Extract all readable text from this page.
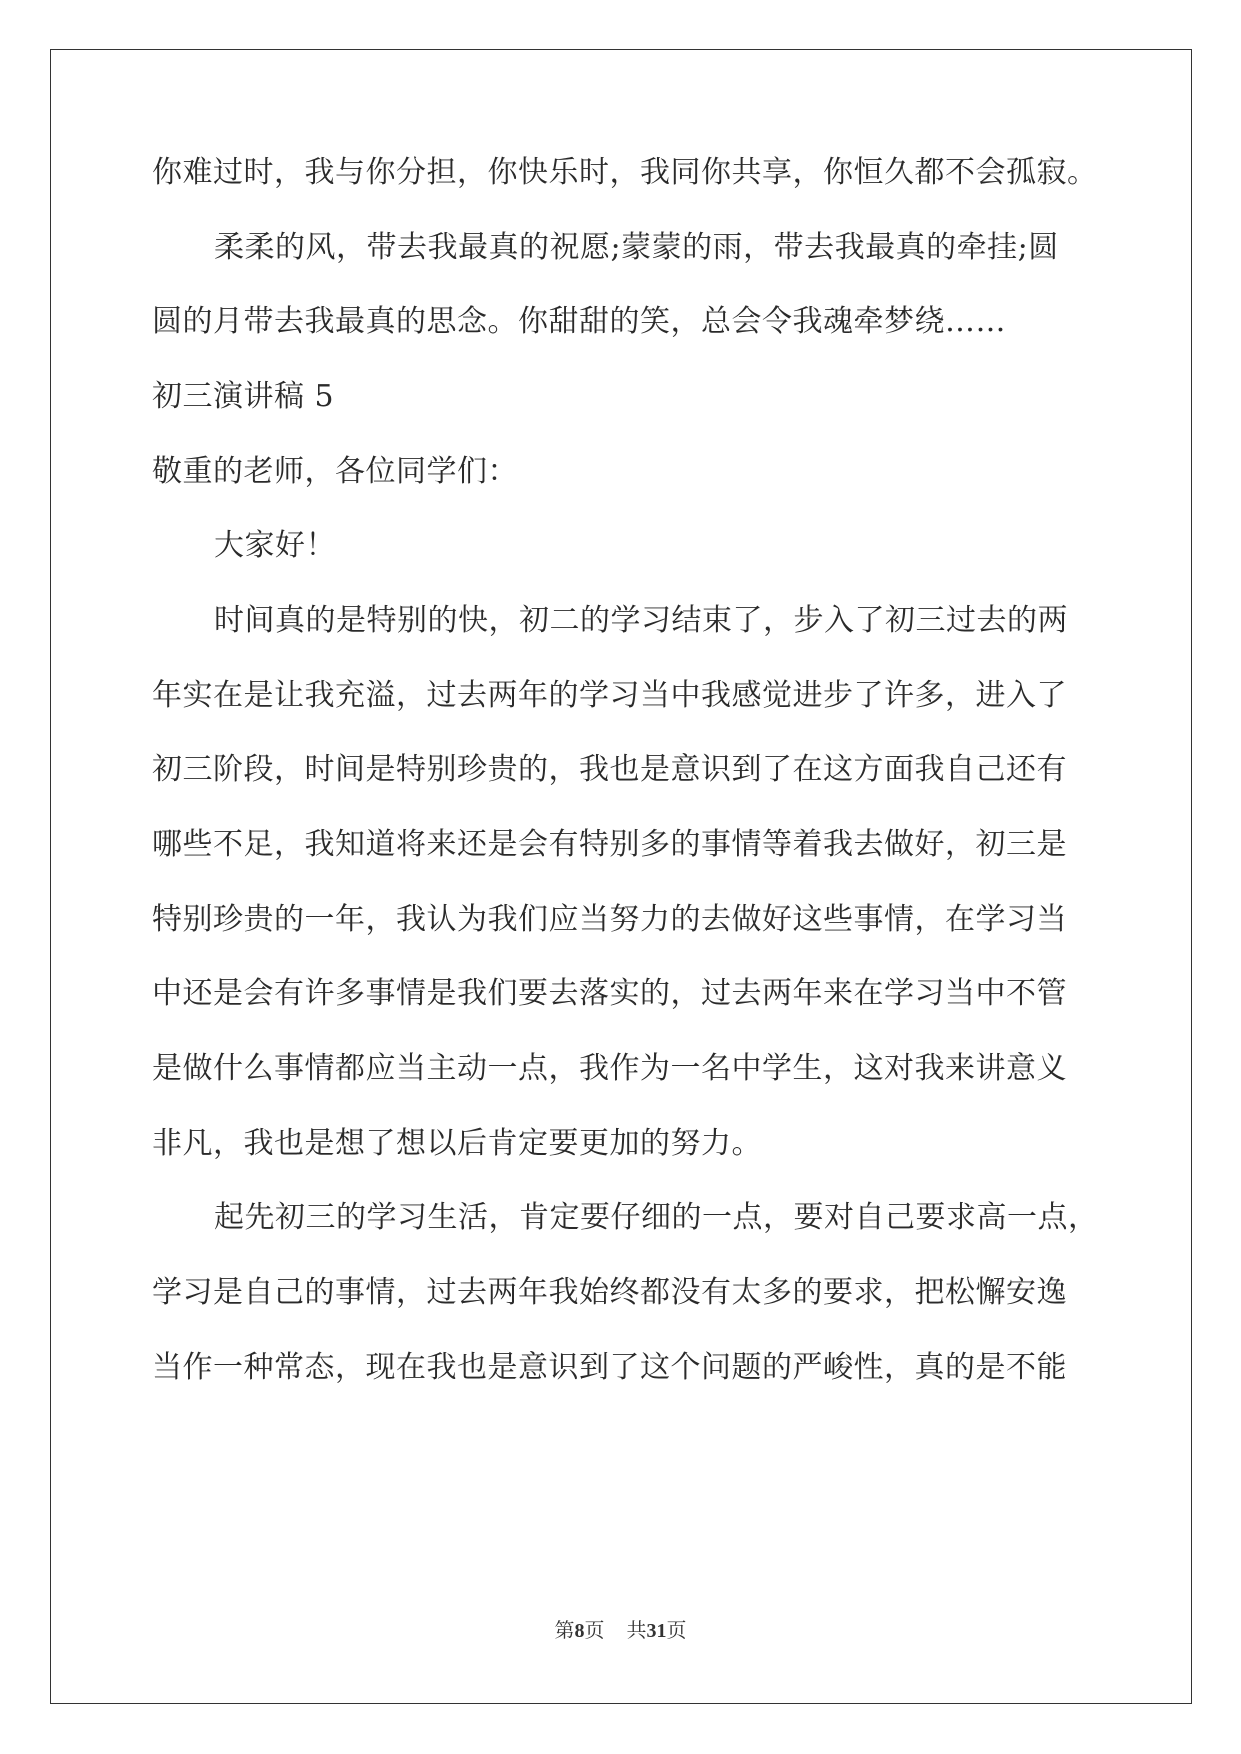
你难过时，我与你分担，你快乐时，我同你共享，你恒久都不会孤寂。

柔柔的风，带去我最真的祝愿;蒙蒙的雨，带去我最真的牵挂;圆

圆的月带去我最真的思念。你甜甜的笑，总会令我魂牵梦绕……

初三演讲稿 5

敬重的老师，各位同学们：

大家好！

时间真的是特别的快，初二的学习结束了，步入了初三过去的两

年实在是让我充溢，过去两年的学习当中我感觉进步了许多，进入了

初三阶段，时间是特别珍贵的，我也是意识到了在这方面我自己还有

哪些不足，我知道将来还是会有特别多的事情等着我去做好，初三是

特别珍贵的一年，我认为我们应当努力的去做好这些事情，在学习当

中还是会有许多事情是我们要去落实的，过去两年来在学习当中不管

是做什么事情都应当主动一点，我作为一名中学生，这对我来讲意义

非凡，我也是想了想以后肯定要更加的努力。

起先初三的学习生活，肯定要仔细的一点，要对自己要求高一点，

学习是自己的事情，过去两年我始终都没有太多的要求，把松懈安逸

当作一种常态，现在我也是意识到了这个问题的严峻性，真的是不能

第8页 共31页
